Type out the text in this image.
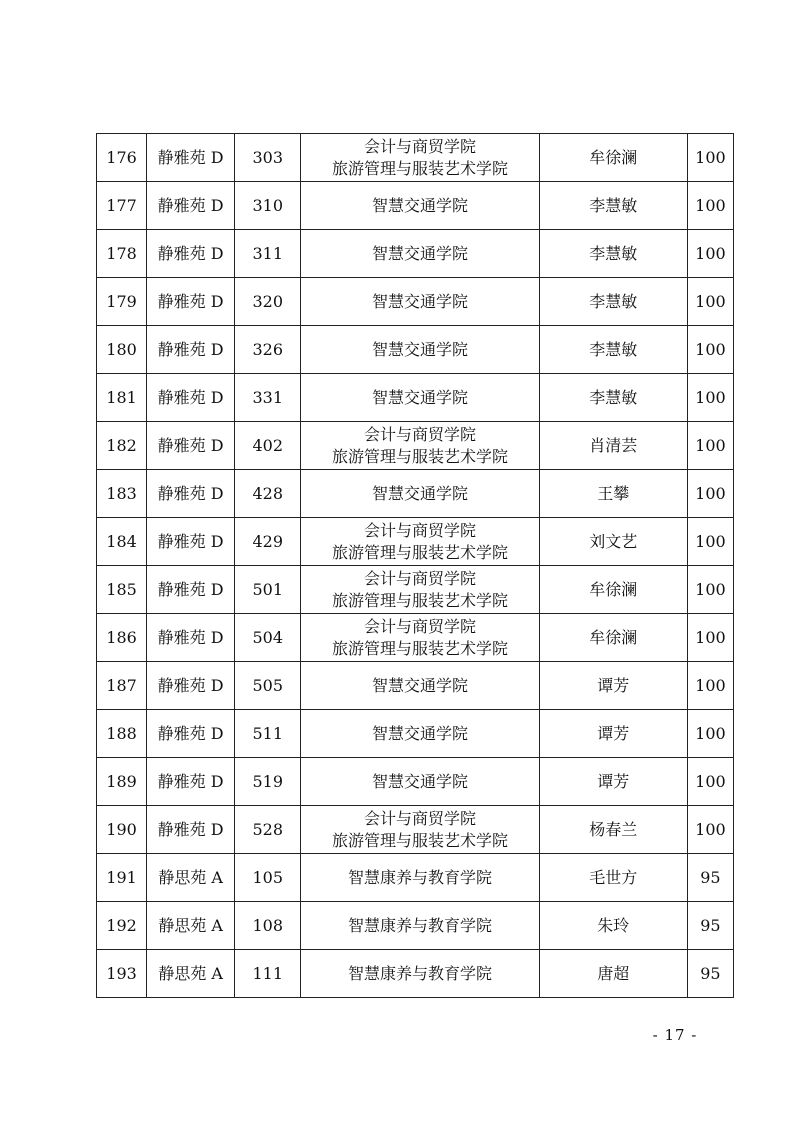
176	静雅苑 D	303	会计与商贸学院
旅游管理与服装艺术学院	牟徐澜	100
177	静雅苑 D	310	智慧交通学院	李慧敏	100
178	静雅苑 D	311	智慧交通学院	李慧敏	100
179	静雅苑 D	320	智慧交通学院	李慧敏	100
180	静雅苑 D	326	智慧交通学院	李慧敏	100
181	静雅苑 D	331	智慧交通学院	李慧敏	100
182	静雅苑 D	402	会计与商贸学院
旅游管理与服装艺术学院	肖清芸	100
183	静雅苑 D	428	智慧交通学院	王攀	100
184	静雅苑 D	429	会计与商贸学院
旅游管理与服装艺术学院	刘文艺	100
185	静雅苑 D	501	会计与商贸学院
旅游管理与服装艺术学院	牟徐澜	100
186	静雅苑 D	504	会计与商贸学院
旅游管理与服装艺术学院	牟徐澜	100
187	静雅苑 D	505	智慧交通学院	谭芳	100
188	静雅苑 D	511	智慧交通学院	谭芳	100
189	静雅苑 D	519	智慧交通学院	谭芳	100
190	静雅苑 D	528	会计与商贸学院
旅游管理与服装艺术学院	杨春兰	100
191	静思苑 A	105	智慧康养与教育学院	毛世方	95
192	静思苑 A	108	智慧康养与教育学院	朱玲	95
193	静思苑 A	111	智慧康养与教育学院	唐超	95
- 17 -
